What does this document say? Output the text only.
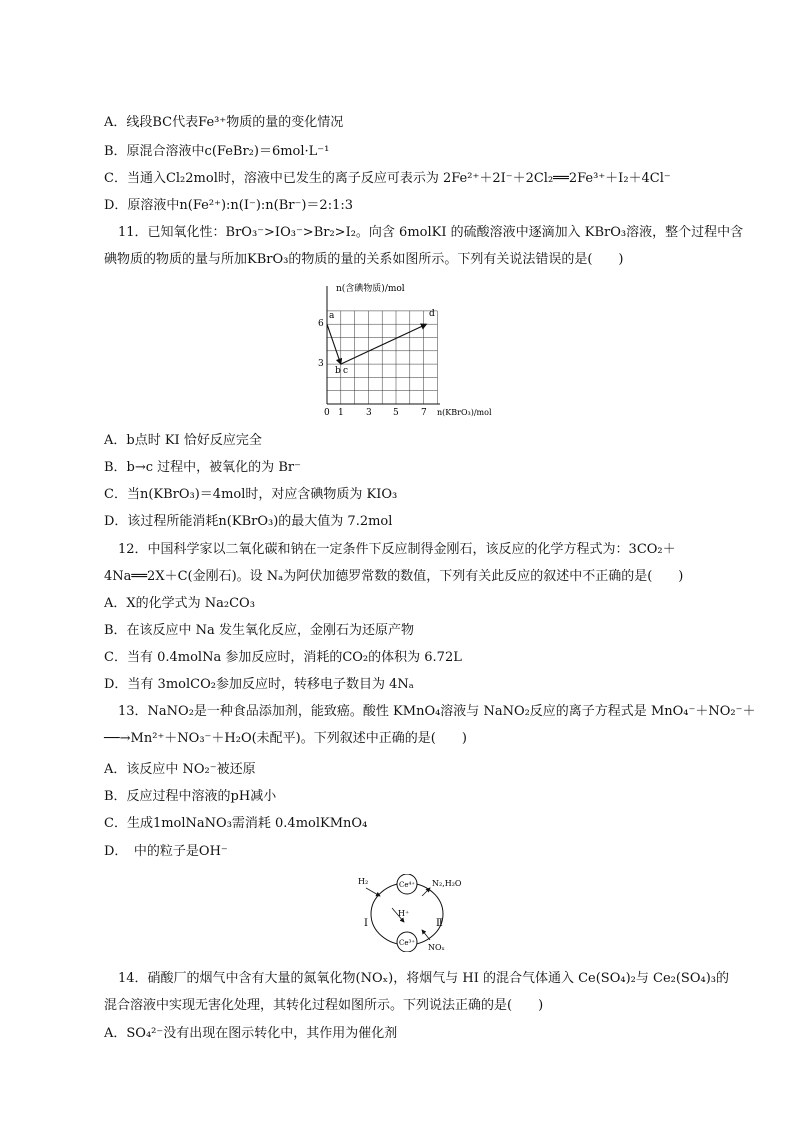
A．线段BC代表Fe³⁺物质的量的变化情况
B．原混合溶液中c(FeBr₂)＝6mol·L⁻¹
C．当通入Cl₂2mol时，溶液中已发生的离子反应可表示为 2Fe²⁺＋2I⁻＋2Cl₂══2Fe³⁺＋I₂＋4Cl⁻
D．原溶液中n(Fe²⁺):n(I⁻):n(Br⁻)＝2:1:3
11．已知氧化性：BrO₃⁻>IO₃⁻>Br₂>I₂。向含 6molKI 的硫酸溶液中逐滴加入 KBrO₃溶液，整个过程中含
碘物质的物质的量与所加KBrO₃的物质的量的关系如图所示。下列有关说法错误的是(　　)
n(含碘物质)/mol
n(KBrO₃)/mol
6
3
0 1 3 5 7
a
b c
d
A．b点时 KI 恰好反应完全
B．b→c 过程中，被氧化的为 Br⁻
C．当n(KBrO₃)＝4mol时，对应含碘物质为 KIO₃
D．该过程所能消耗n(KBrO₃)的最大值为 7.2mol
12．中国科学家以二氧化碳和钠在一定条件下反应制得金刚石，该反应的化学方程式为：3CO₂＋
4Na══2X＋C(金刚石)。设 Nₐ为阿伏加德罗常数的数值，下列有关此反应的叙述中不正确的是(　　)
A．X的化学式为 Na₂CO₃
B．在该反应中 Na 发生氧化反应，金刚石为还原产物
C．当有 0.4molNa 参加反应时，消耗的CO₂的体积为 6.72L
D．当有 3molCO₂参加反应时，转移电子数目为 4Nₐ
13．NaNO₂是一种食品添加剂，能致癌。酸性 KMnO₄溶液与 NaNO₂反应的离子方程式是 MnO₄⁻＋NO₂⁻＋
──→Mn²⁺＋NO₃⁻＋H₂O(未配平)。下列叙述中正确的是(　　)
A．该反应中 NO₂⁻被还原
B．反应过程中溶液的pH减小
C．生成1molNaNO₃需消耗 0.4molKMnO₄
D．　中的粒子是OH⁻
Ce⁴⁺
Ce³⁺
H₂	N₂,H₂O
H⁺
Ⅰ	Ⅱ
NOₓ
14．硝酸厂的烟气中含有大量的氮氧化物(NOₓ)，将烟气与 HI 的混合气体通入 Ce(SO₄)₂与 Ce₂(SO₄)₃的
混合溶液中实现无害化处理，其转化过程如图所示。下列说法正确的是(　　)
A．SO₄²⁻没有出现在图示转化中，其作用为催化剂
